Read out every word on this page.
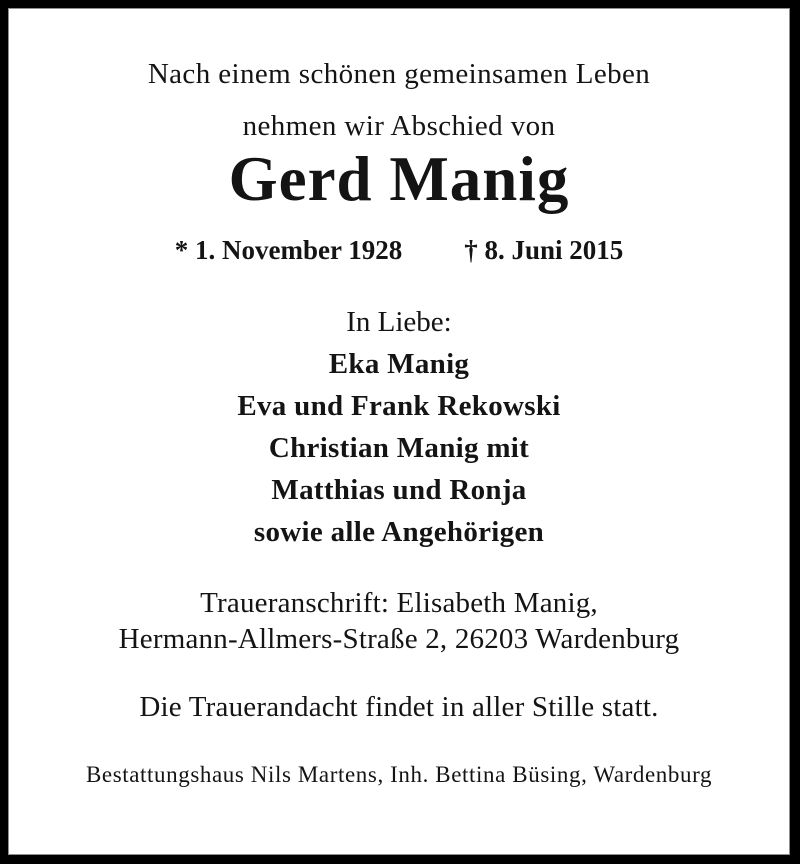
Nach einem schönen gemeinsamen Leben

nehmen wir Abschied von

Gerd Manig

* 1. November 1928 † 8. Juni 2015

In Liebe:

Eka Manig

Eva und Frank Rekowski

Christian Manig mit

Matthias und Ronja

sowie alle Angehörigen

Traueranschrift: Elisabeth Manig,

Hermann-Allmers-Straße 2, 26203 Wardenburg

Die Trauerandacht findet in aller Stille statt.

Bestattungshaus Nils Martens, Inh. Bettina Büsing, Wardenburg
